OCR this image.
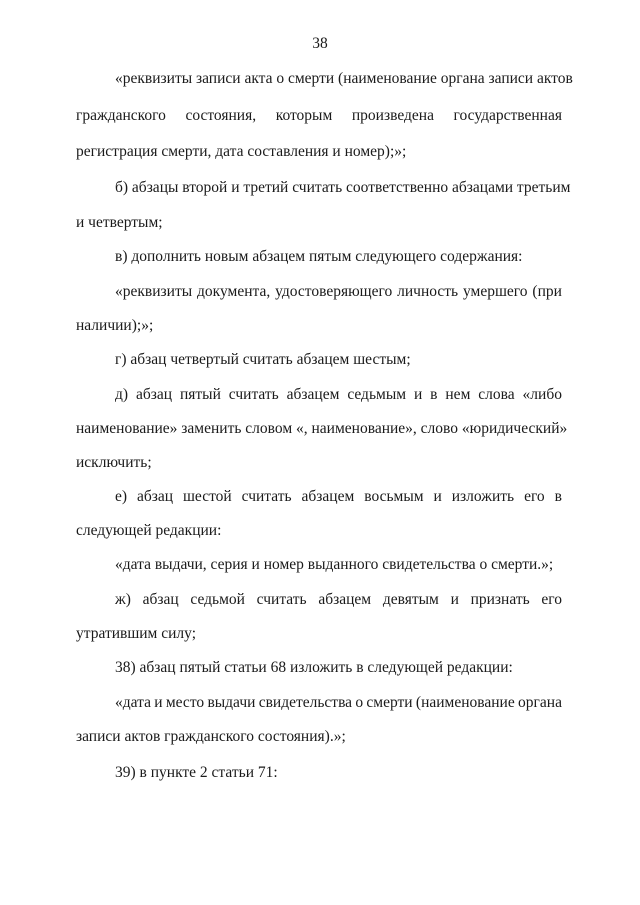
38
«реквизиты записи акта о смерти (наименование органа записи актов
гражданского состояния, которым произведена государственная
регистрация смерти, дата составления и номер);»;
б) абзацы второй и третий считать соответственно абзацами третьим
и четвертым;
в) дополнить новым абзацем пятым следующего содержания:
«реквизиты документа, удостоверяющего личность умершего (при
наличии);»;
г) абзац четвертый считать абзацем шестым;
д) абзац пятый считать абзацем седьмым и в нем слова «либо
наименование» заменить словом «, наименование», слово «юридический»
исключить;
е) абзац шестой считать абзацем восьмым и изложить его в
следующей редакции:
«дата выдачи, серия и номер выданного свидетельства о смерти.»;
ж) абзац седьмой считать абзацем девятым и признать его
утратившим силу;
38) абзац пятый статьи 68 изложить в следующей редакции:
«дата и место выдачи свидетельства о смерти (наименование органа
записи актов гражданского состояния).»;
39) в пункте 2 статьи 71:
